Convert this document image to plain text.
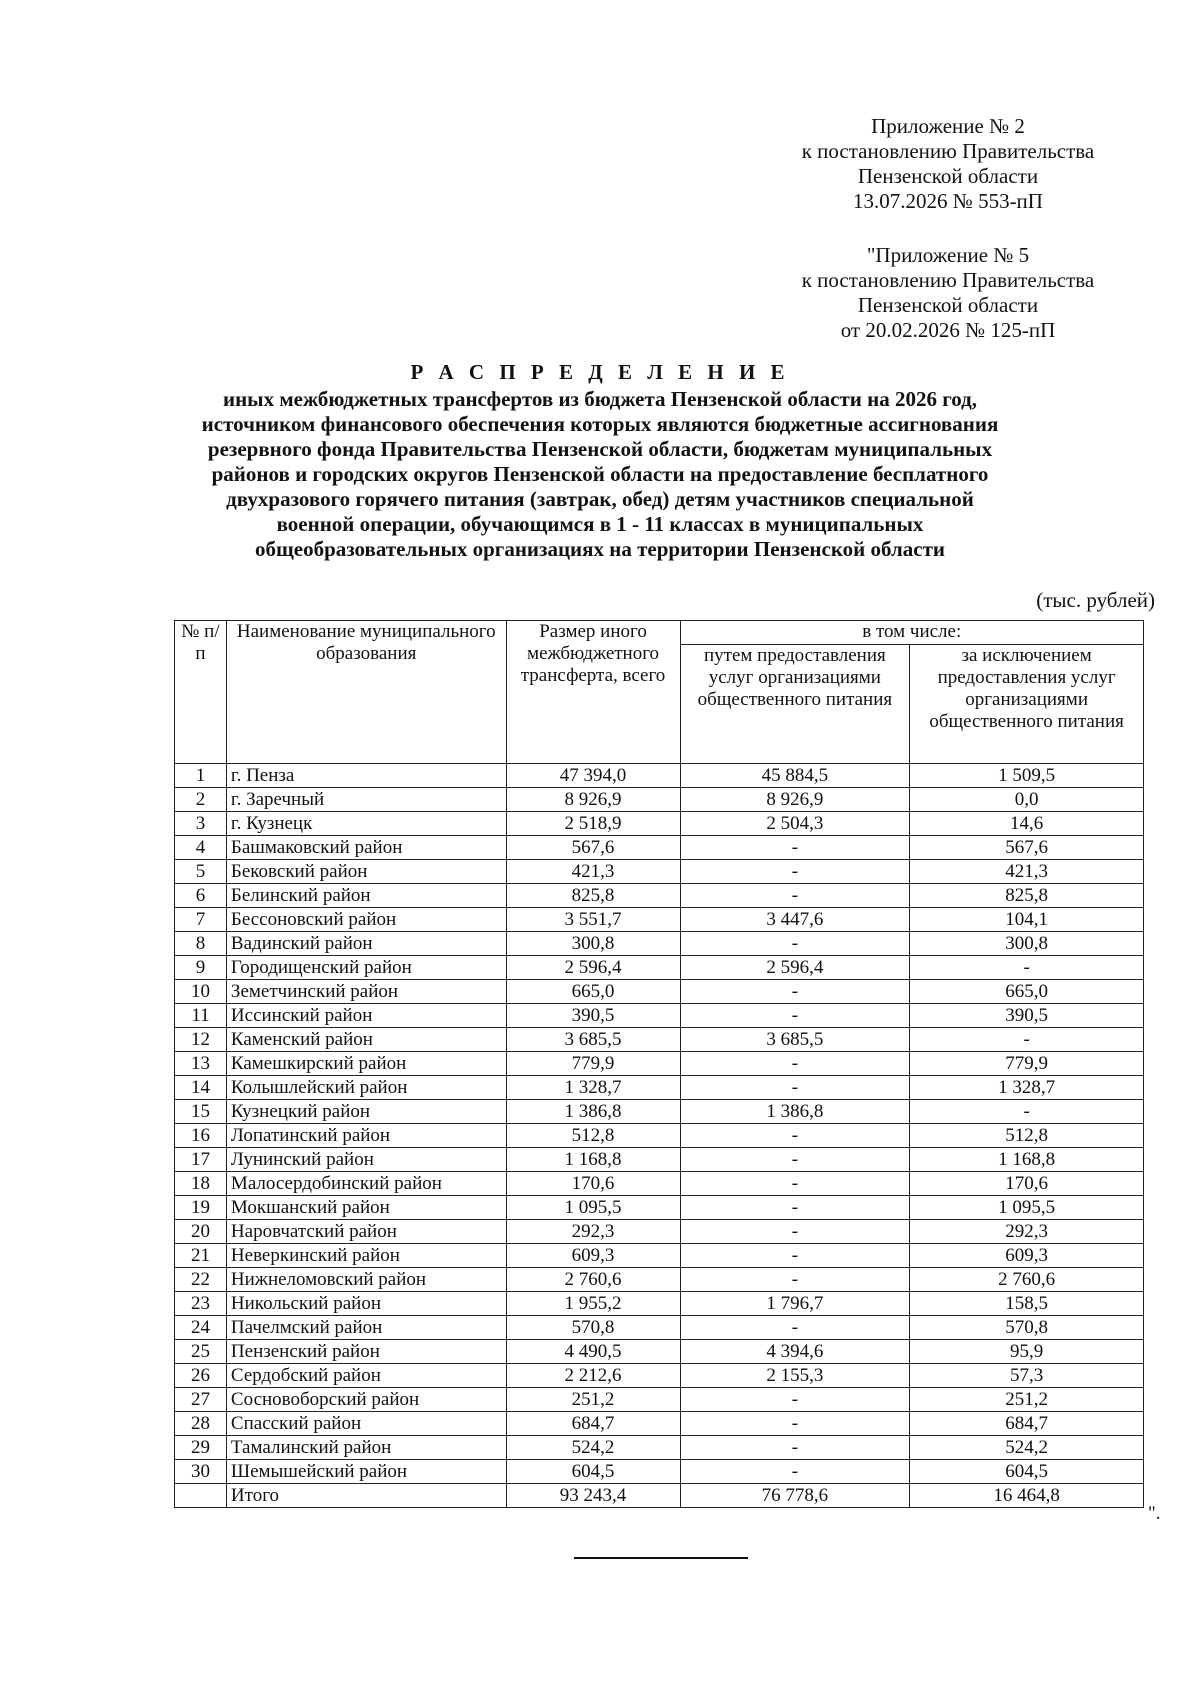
Приложение № 2
к постановлению Правительства
Пензенской области
13.07.2026 № 553-пП
"Приложение № 5
к постановлению Правительства
Пензенской области
от 20.02.2026 № 125-пП
Р А С П Р Е Д Е Л Е Н И Е
иных межбюджетных трансфертов из бюджета Пензенской области на 2026 год,
источником финансового обеспечения которых являются бюджетные ассигнования
резервного фонда Правительства Пензенской области, бюджетам муниципальных
районов и городских округов Пензенской области на предоставление бесплатного
двухразового горячего питания (завтрак, обед) детям участников специальной
военной операции, обучающимся в 1 - 11 классах в муниципальных
общеобразовательных организациях на территории Пензенской области
(тыс. рублей)
№ п/п	Наименование муниципального образования	Размер иного межбюджетного трансферта, всего	в том числе:	
			путем предоставления услуг организациями общественного питания	за исключением предоставления услуг организациями общественного питания
1	г. Пенза	47 394,0	45 884,5	1 509,5
2	г. Заречный	8 926,9	8 926,9	0,0
3	г. Кузнецк	2 518,9	2 504,3	14,6
4	Башмаковский район	567,6	-	567,6
5	Бековский район	421,3	-	421,3
6	Белинский район	825,8	-	825,8
7	Бессоновский район	3 551,7	3 447,6	104,1
8	Вадинский район	300,8	-	300,8
9	Городищенский район	2 596,4	2 596,4	-
10	Земетчинский район	665,0	-	665,0
11	Иссинский район	390,5	-	390,5
12	Каменский район	3 685,5	3 685,5	-
13	Камешкирский район	779,9	-	779,9
14	Колышлейский район	1 328,7	-	1 328,7
15	Кузнецкий район	1 386,8	1 386,8	-
16	Лопатинский район	512,8	-	512,8
17	Лунинский район	1 168,8	-	1 168,8
18	Малосердобинский район	170,6	-	170,6
19	Мокшанский район	1 095,5	-	1 095,5
20	Наровчатский район	292,3	-	292,3
21	Неверкинский район	609,3	-	609,3
22	Нижнеломовский район	2 760,6	-	2 760,6
23	Никольский район	1 955,2	1 796,7	158,5
24	Пачелмский район	570,8	-	570,8
25	Пензенский район	4 490,5	4 394,6	95,9
26	Сердобский район	2 212,6	2 155,3	57,3
27	Сосновоборский район	251,2	-	251,2
28	Спасский район	684,7	-	684,7
29	Тамалинский район	524,2	-	524,2
30	Шемышейский район	604,5	-	604,5
	Итого	93 243,4	76 778,6	16 464,8
".
